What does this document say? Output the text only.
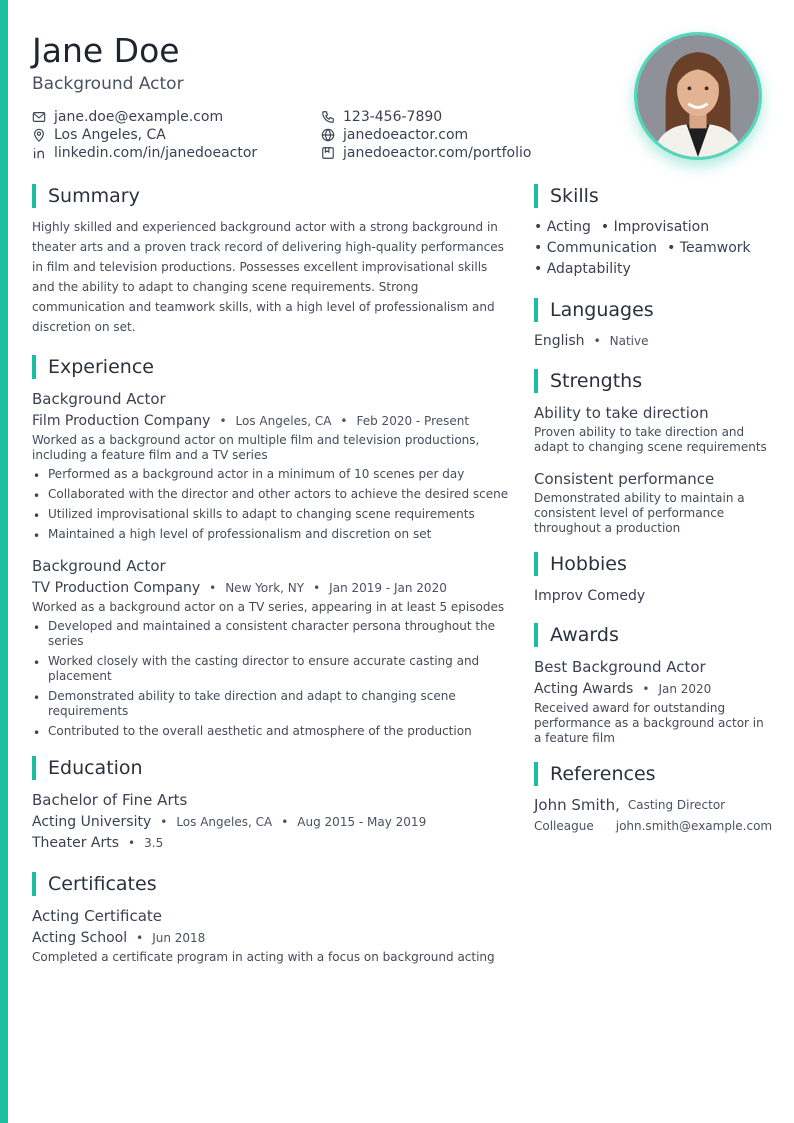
Jane Doe
Background Actor
jane.doe@example.com	123-456-7890
Los Angeles, CA	janedoeactor.com
linkedin.com/in/janedoeactor	janedoeactor.com/portfolio
Summary
Highly skilled and experienced background actor with a strong background in theater arts and a proven track record of delivering high-quality performances in film and television productions. Possesses excellent improvisational skills and the ability to adapt to changing scene requirements. Strong communication and teamwork skills, with a high level of professionalism and discretion on set.
Experience
Background Actor
Film Production Company • Los Angeles, CA • Feb 2020 - Present
Worked as a background actor on multiple film and television productions, including a feature film and a TV series
• Performed as a background actor in a minimum of 10 scenes per day
• Collaborated with the director and other actors to achieve the desired scene
• Utilized improvisational skills to adapt to changing scene requirements
• Maintained a high level of professionalism and discretion on set
Background Actor
TV Production Company • New York, NY • Jan 2019 - Jan 2020
Worked as a background actor on a TV series, appearing in at least 5 episodes
• Developed and maintained a consistent character persona throughout the series
• Worked closely with the casting director to ensure accurate casting and placement
• Demonstrated ability to take direction and adapt to changing scene requirements
• Contributed to the overall aesthetic and atmosphere of the production
Education
Bachelor of Fine Arts
Acting University • Los Angeles, CA • Aug 2015 - May 2019
Theater Arts • 3.5
Certificates
Acting Certificate
Acting School • Jun 2018
Completed a certificate program in acting with a focus on background acting
Skills
• Acting • Improvisation
• Communication • Teamwork
• Adaptability
Languages
English • Native
Strengths
Ability to take direction
Proven ability to take direction and adapt to changing scene requirements
Consistent performance
Demonstrated ability to maintain a consistent level of performance throughout a production
Hobbies
Improv Comedy
Awards
Best Background Actor
Acting Awards • Jan 2020
Received award for outstanding performance as a background actor in a feature film
References
John Smith, Casting Director
Colleague john.smith@example.com
